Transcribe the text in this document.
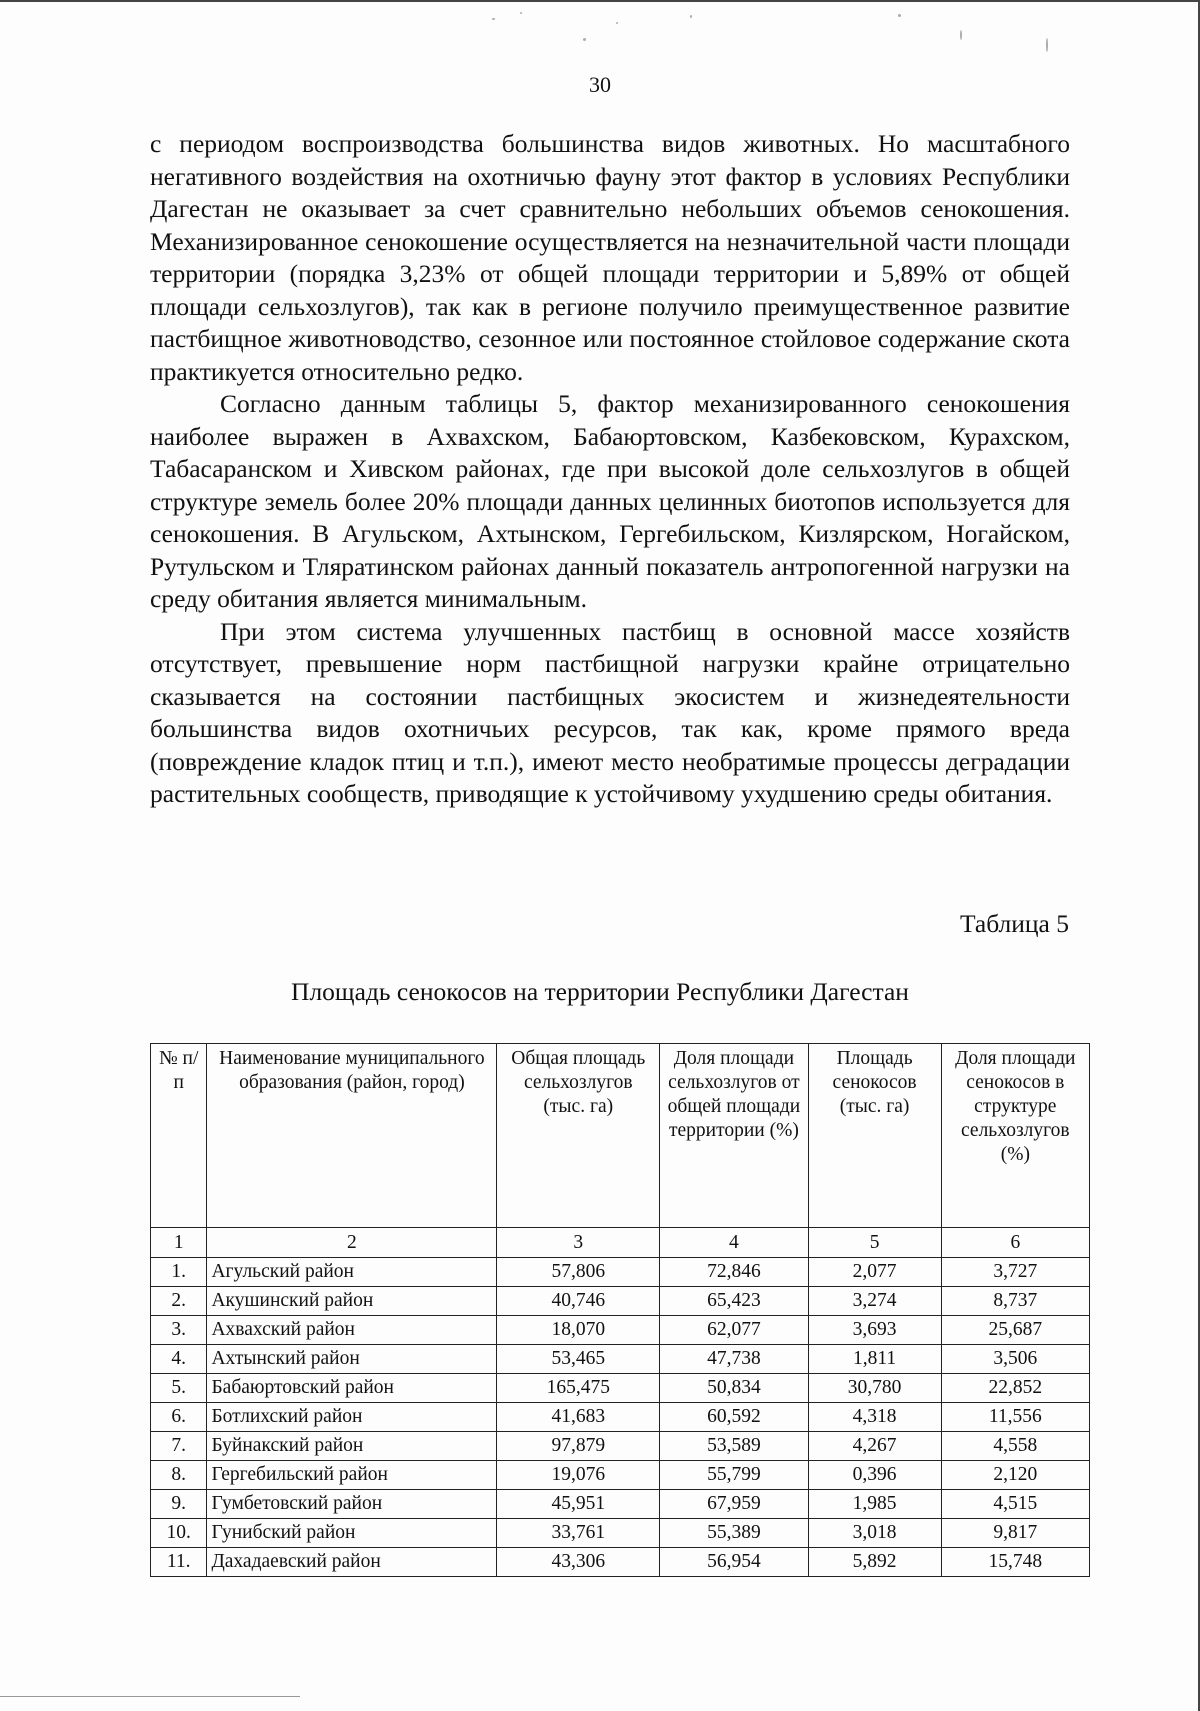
30

с периодом воспроизводства большинства видов животных. Но масштабного негативного воздействия на охотничью фауну этот фактор в условиях Республики Дагестан не оказывает за счет сравнительно небольших объемов сенокошения. Механизированное сенокошение осуществляется на незначительной части площади территории (порядка 3,23% от общей площади территории и 5,89% от общей площади сельхозлугов), так как в регионе получило преимущественное развитие пастбищное животноводство, сезонное или постоянное стойловое содержание скота практикуется относительно редко.

Согласно данным таблицы 5, фактор механизированного сенокошения наиболее выражен в Ахвахском, Бабаюртовском, Казбековском, Курахском, Табасаранском и Хивском районах, где при высокой доле сельхозлугов в общей структуре земель более 20% площади данных целинных биотопов используется для сенокошения. В Агульском, Ахтынском, Гергебильском, Кизлярском, Ногайском, Рутульском и Тляратинском районах данный показатель антропогенной нагрузки на среду обитания является минимальным.

При этом система улучшенных пастбищ в основной массе хозяйств отсутствует, превышение норм пастбищной нагрузки крайне отрицательно сказывается на состоянии пастбищных экосистем и жизнедеятельности большинства видов охотничьих ресурсов, так как, кроме прямого вреда (повреждение кладок птиц и т.п.), имеют место необратимые процессы деградации растительных сообществ, приводящие к устойчивому ухудшению среды обитания.

Таблица 5
Площадь сенокосов на территории Республики Дагестан
№ п/п	Наименование муниципального образования (район, город)	Общая площадь сельхозлугов (тыс. га)	Доля площади сельхозлугов от общей площади территории (%)	Площадь сенокосов (тыс. га)	Доля площади сенокосов в структуре сельхозлугов (%)
1	2	3	4	5	6
1.	Агульский район	57,806	72,846	2,077	3,727
2.	Акушинский район	40,746	65,423	3,274	8,737
3.	Ахвахский район	18,070	62,077	3,693	25,687
4.	Ахтынский район	53,465	47,738	1,811	3,506
5.	Бабаюртовский район	165,475	50,834	30,780	22,852
6.	Ботлихский район	41,683	60,592	4,318	11,556
7.	Буйнакский район	97,879	53,589	4,267	4,558
8.	Гергебильский район	19,076	55,799	0,396	2,120
9.	Гумбетовский район	45,951	67,959	1,985	4,515
10.	Гунибский район	33,761	55,389	3,018	9,817
11.	Дахадаевский район	43,306	56,954	5,892	15,748
